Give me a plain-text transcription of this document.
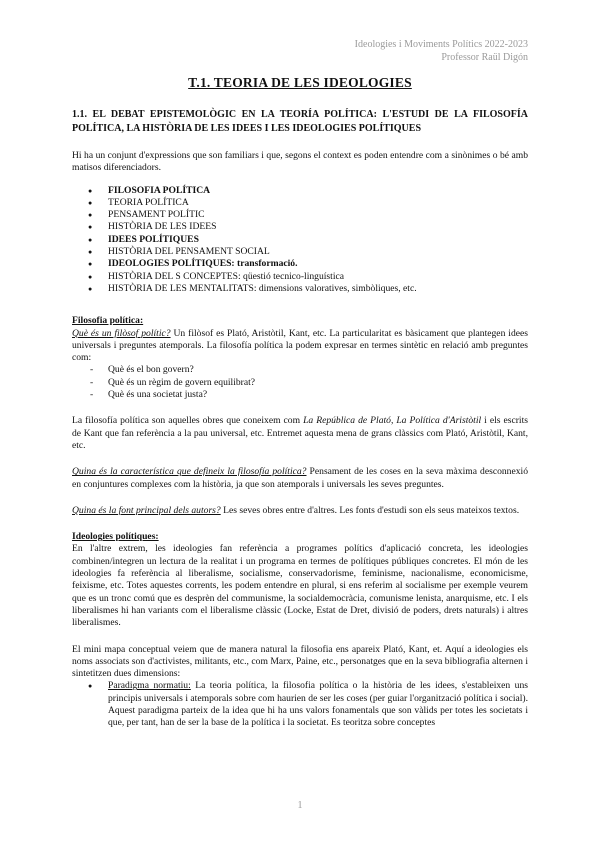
Ideologies i Moviments Polítics 2022-2023
Professor Raül Digón
T.1. TEORIA DE LES IDEOLOGIES
1.1. EL DEBAT EPISTEMOLÒGIC EN LA TEORÍA POLÍTICA: L'ESTUDI DE LA FILOSOFÍA POLÍTICA, LA HISTÒRIA DE LES IDEES I LES IDEOLOGIES POLÍTIQUES

Hi ha un conjunt d'expressions que son familiars i que, segons el context es poden entendre com a sinònimes o bé amb matisos diferenciadors.

● FILOSOFIA POLÍTICA
● TEORIA POLÍTICA
● PENSAMENT POLÍTIC
● HISTÒRIA DE LES IDEES
● IDEES POLÍTIQUES
● HISTÒRIA DEL PENSAMENT SOCIAL
● IDEOLOGIES POLÍTIQUES: transformació.
● HISTÒRIA DEL S CONCEPTES: qüestió tecnico-linguística
● HISTÒRIA DE LES MENTALITATS: dimensions valoratives, simbòliques, etc.
Filosofia política:

Què és un filòsof polític? Un filòsof es Plató, Aristòtil, Kant, etc. La particularitat es bàsicament que plantegen idees universals i preguntes atemporals. La filosofía política la podem expresar en termes sintètic en relació amb preguntes com:

- Què és el bon govern?
- Què és un règim de govern equilibrat?
- Què és una societat justa?

La filosofía política son aquelles obres que coneixem com La República de Plató, La Política d'Aristòtil i els escrits de Kant que fan referència a la pau universal, etc. Entremet aquesta mena de grans clàssics com Plató, Aristòtil, Kant, etc.

Quina és la característica que defineix la filosofía política? Pensament de les coses en la seva màxima desconnexió en conjuntures complexes com la història, ja que son atemporals i universals les seves preguntes.

Quina és la font principal dels autors? Les seves obres entre d'altres. Les fonts d'estudi son els seus mateixos textos.

Ideologies polítiques:

En l'altre extrem, les ideologies fan referència a programes polítics d'aplicació concreta, les ideologies combinen/integren un lectura de la realitat i un programa en termes de polítiques públiques concretes. El món de les ideologies fa referència al liberalisme, socialisme, conservadorisme, feminisme, nacionalisme, economicisme, feixisme, etc. Totes aquestes corrents, les podem entendre en plural, si ens referim al socialisme per exemple veurem que es un tronc comú que es desprèn del communisme, la socialdemocràcia, comunisme lenista, anarquisme, etc. I els liberalismes hi han variants com el liberalisme clàssic (Locke, Estat de Dret, divisió de poders, drets naturals) i altres liberalismes.

El mini mapa conceptual veiem que de manera natural la filosofia ens apareix Plató, Kant, et. Aquí a ideologies els noms associats son d'activistes, militants, etc., com Marx, Paine, etc., personatges que en la seva bibliografia alternen i sintetitzen dues dimensions:

● Paradigma normatiu: La teoria política, la filosofia política o la història de les idees, s'estableixen uns principis universals i atemporals sobre com haurien de ser les coses (per guiar l'organització política i social). Aquest paradigma parteix de la idea que hi ha uns valors fonamentals que son vàlids per totes les societats i que, per tant, han de ser la base de la política i la societat. Es teoritza sobre conceptes
1
